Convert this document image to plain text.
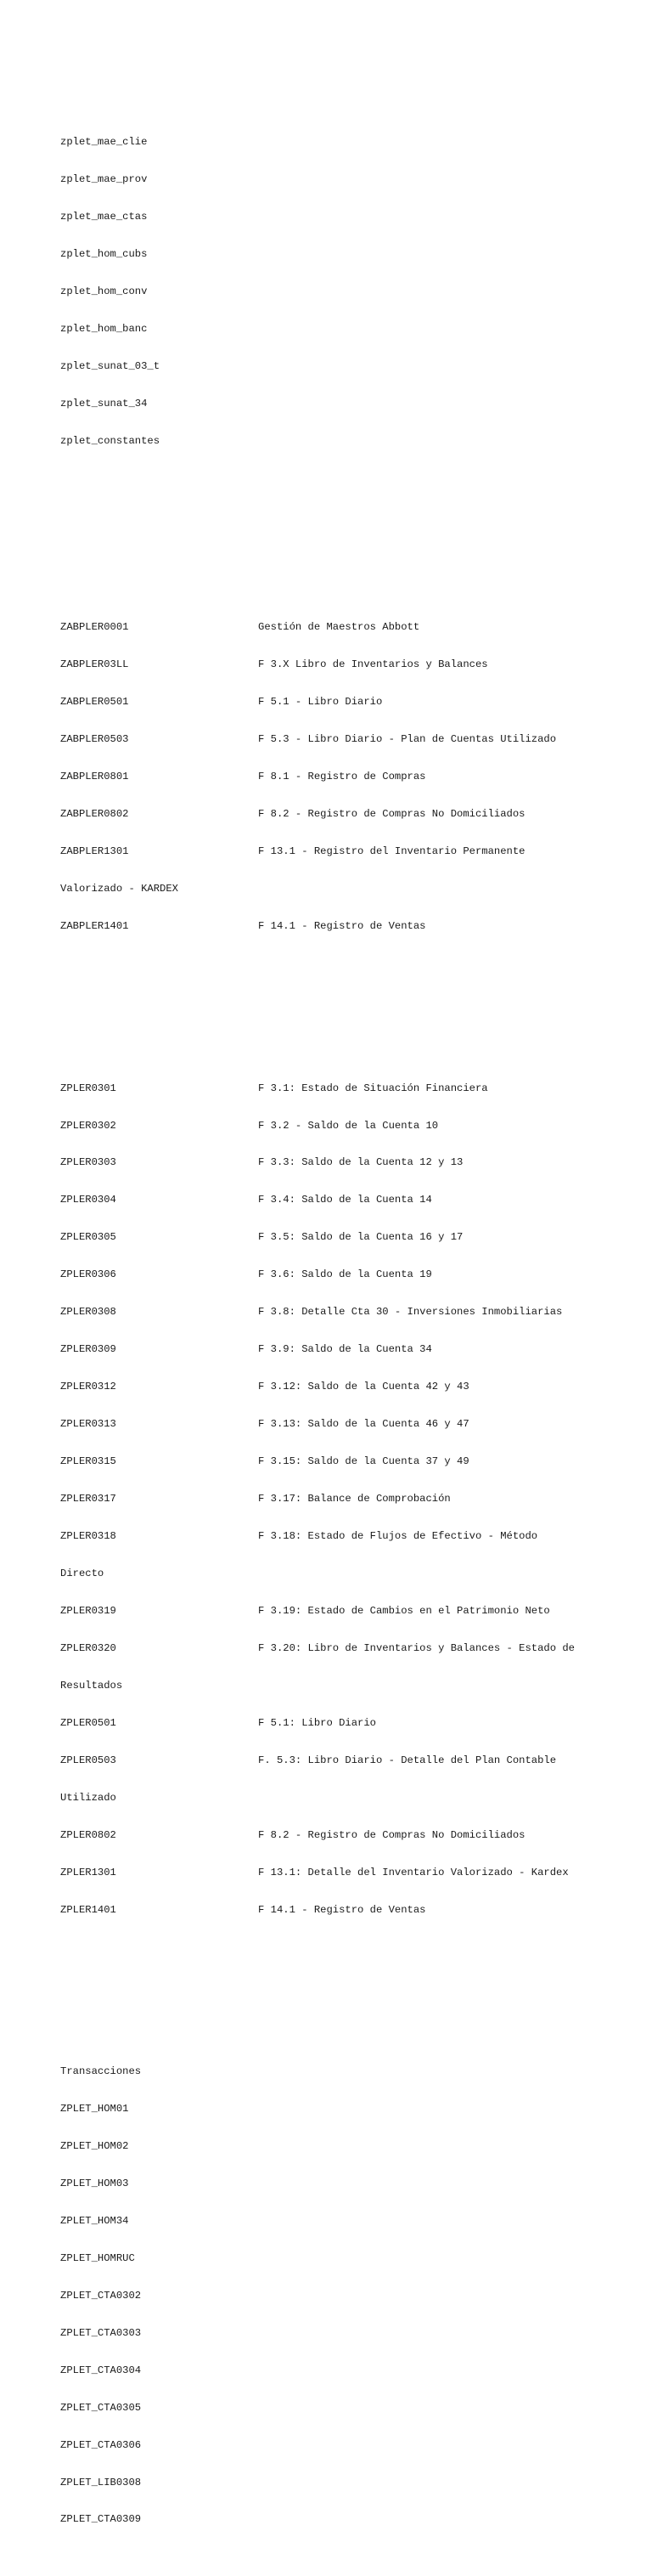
zplet_mae_clie

zplet_mae_prov

zplet_mae_ctas

zplet_hom_cubs

zplet_hom_conv

zplet_hom_banc

zplet_sunat_03_t

zplet_sunat_34

zplet_constantes

ZABPLER0001	Gestión de Maestros Abbott

ZABPLER03LL	F 3.X Libro de Inventarios y Balances

ZABPLER0501	F 5.1 - Libro Diario

ZABPLER0503	F 5.3 - Libro Diario - Plan de Cuentas Utilizado

ZABPLER0801	F 8.1 - Registro de Compras

ZABPLER0802	F 8.2 - Registro de Compras No Domiciliados

ZABPLER1301	F 13.1 - Registro del Inventario Permanente

Valorizado - KARDEX

ZABPLER1401	F 14.1 - Registro de Ventas

ZPLER0301	F 3.1: Estado de Situación Financiera

ZPLER0302	F 3.2 - Saldo de la Cuenta 10

ZPLER0303	F 3.3: Saldo de la Cuenta 12 y 13

ZPLER0304	F 3.4: Saldo de la Cuenta 14

ZPLER0305	F 3.5: Saldo de la Cuenta 16 y 17

ZPLER0306	F 3.6: Saldo de la Cuenta 19

ZPLER0308	F 3.8: Detalle Cta 30 - Inversiones Inmobiliarias

ZPLER0309	F 3.9: Saldo de la Cuenta 34

ZPLER0312	F 3.12: Saldo de la Cuenta 42 y 43

ZPLER0313	F 3.13: Saldo de la Cuenta 46 y 47

ZPLER0315	F 3.15: Saldo de la Cuenta 37 y 49

ZPLER0317	F 3.17: Balance de Comprobación

ZPLER0318	F 3.18: Estado de Flujos de Efectivo - Método

Directo

ZPLER0319	F 3.19: Estado de Cambios en el Patrimonio Neto

ZPLER0320	F 3.20: Libro de Inventarios y Balances - Estado de

Resultados

ZPLER0501	F 5.1: Libro Diario

ZPLER0503	F. 5.3: Libro Diario - Detalle del Plan Contable

Utilizado

ZPLER0802	F 8.2 - Registro de Compras No Domiciliados

ZPLER1301	F 13.1: Detalle del Inventario Valorizado - Kardex

ZPLER1401	F 14.1 - Registro de Ventas

Transacciones

ZPLET_HOM01

ZPLET_HOM02

ZPLET_HOM03

ZPLET_HOM34

ZPLET_HOMRUC

ZPLET_CTA0302

ZPLET_CTA0303

ZPLET_CTA0304

ZPLET_CTA0305

ZPLET_CTA0306

ZPLET_LIB0308

ZPLET_CTA0309
